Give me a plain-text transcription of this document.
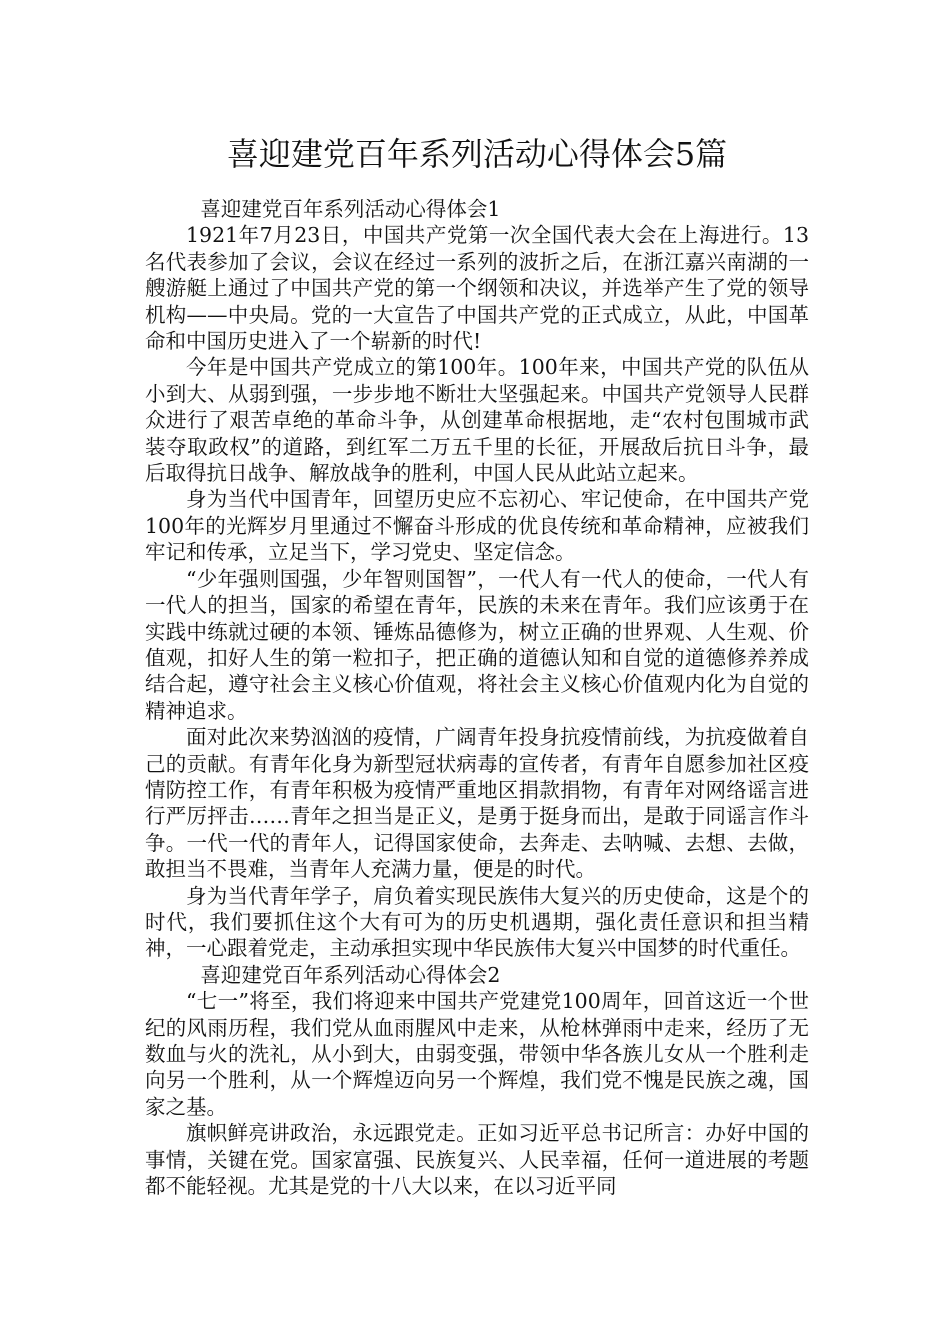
喜迎建党百年系列活动心得体会5篇

喜迎建党百年系列活动心得体会1

1921年7月23日，中国共产党第一次全国代表大会在上海进行。13名代表参加了会议，会议在经过一系列的波折之后，在浙江嘉兴南湖的一艘游艇上通过了中国共产党的第一个纲领和决议，并选举产生了党的领导机构——中央局。党的一大宣告了中国共产党的正式成立，从此，中国革命和中国历史进入了一个崭新的时代!

今年是中国共产党成立的第100年。100年来，中国共产党的队伍从小到大、从弱到强，一步步地不断壮大坚强起来。中国共产党领导人民群众进行了艰苦卓绝的革命斗争，从创建革命根据地，走“农村包围城市武装夺取政权”的道路，到红军二万五千里的长征，开展敌后抗日斗争，最后取得抗日战争、解放战争的胜利，中国人民从此站立起来。

身为当代中国青年，回望历史应不忘初心、牢记使命，在中国共产党100年的光辉岁月里通过不懈奋斗形成的优良传统和革命精神，应被我们牢记和传承，立足当下，学习党史、坚定信念。

“少年强则国强，少年智则国智”，一代人有一代人的使命，一代人有一代人的担当，国家的希望在青年，民族的未来在青年。我们应该勇于在实践中练就过硬的本领、锤炼品德修为，树立正确的世界观、人生观、价值观，扣好人生的第一粒扣子，把正确的道德认知和自觉的道德修养养成结合起，遵守社会主义核心价值观，将社会主义核心价值观内化为自觉的精神追求。

面对此次来势汹汹的疫情，广阔青年投身抗疫情前线，为抗疫做着自己的贡献。有青年化身为新型冠状病毒的宣传者，有青年自愿参加社区疫情防控工作，有青年积极为疫情严重地区捐款捐物，有青年对网络谣言进行严厉抨击……青年之担当是正义，是勇于挺身而出，是敢于同谣言作斗争。一代一代的青年人，记得国家使命，去奔走、去呐喊、去想、去做，敢担当不畏难，当青年人充满力量，便是的时代。

身为当代青年学子，肩负着实现民族伟大复兴的历史使命，这是个的时代，我们要抓住这个大有可为的历史机遇期，强化责任意识和担当精神，一心跟着党走，主动承担实现中华民族伟大复兴中国梦的时代重任。

喜迎建党百年系列活动心得体会2

“七一”将至，我们将迎来中国共产党建党100周年，回首这近一个世纪的风雨历程，我们党从血雨腥风中走来，从枪林弹雨中走来，经历了无数血与火的洗礼，从小到大，由弱变强，带领中华各族儿女从一个胜利走向另一个胜利，从一个辉煌迈向另一个辉煌，我们党不愧是民族之魂，国家之基。

旗帜鲜亮讲政治，永远跟党走。正如习近平总书记所言：办好中国的事情，关键在党。国家富强、民族复兴、人民幸福，任何一道进展的考题都不能轻视。尤其是党的十八大以来，在以习近平同
